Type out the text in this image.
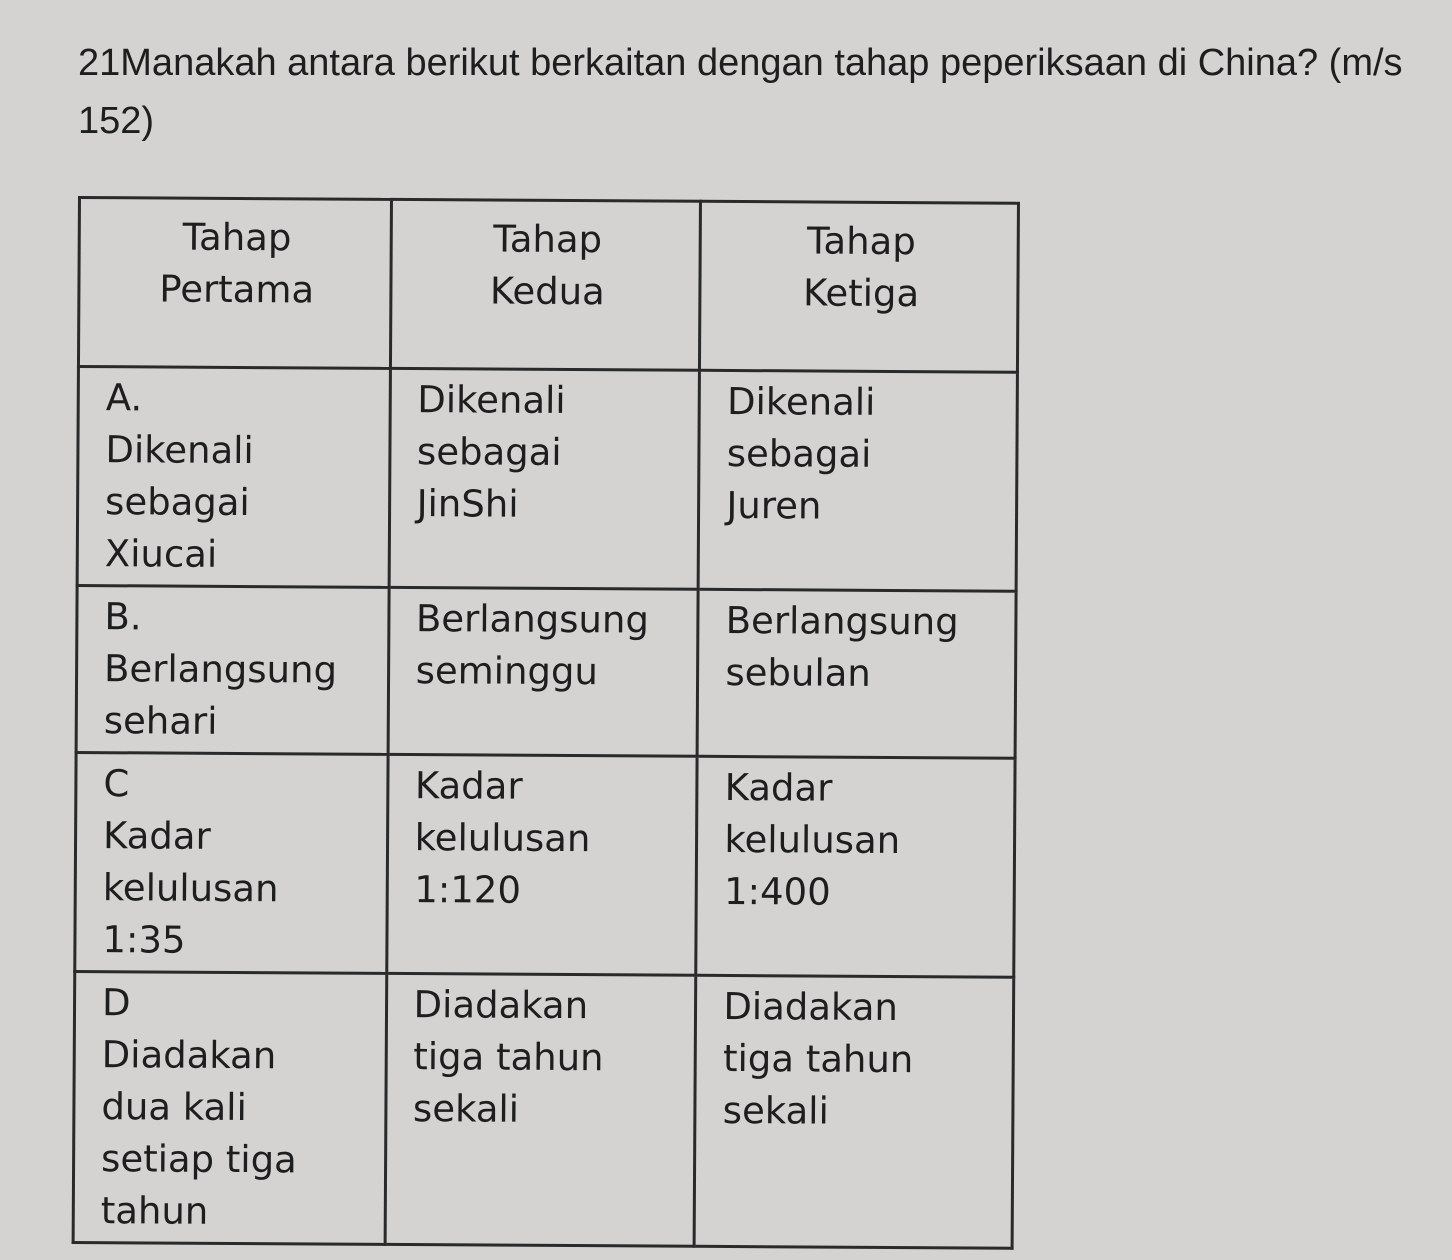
21Manakah antara berikut berkaitan dengan tahap peperiksaan di China? (m/s 152)
Tahap
Pertama	Tahap
Kedua	Tahap
Ketiga

A.
Dikenali
sebagai
Xiucai	Dikenali
sebagai
JinShi	Dikenali
sebagai
Juren

B.
Berlangsung
sehari	Berlangsung
seminggu	Berlangsung
sebulan

C
Kadar
kelulusan
1:35	Kadar
kelulusan
1:120	Kadar
kelulusan
1:400

D
Diadakan
dua kali
setiap tiga
tahun	Diadakan
tiga tahun
sekali	Diadakan
tiga tahun
sekali
